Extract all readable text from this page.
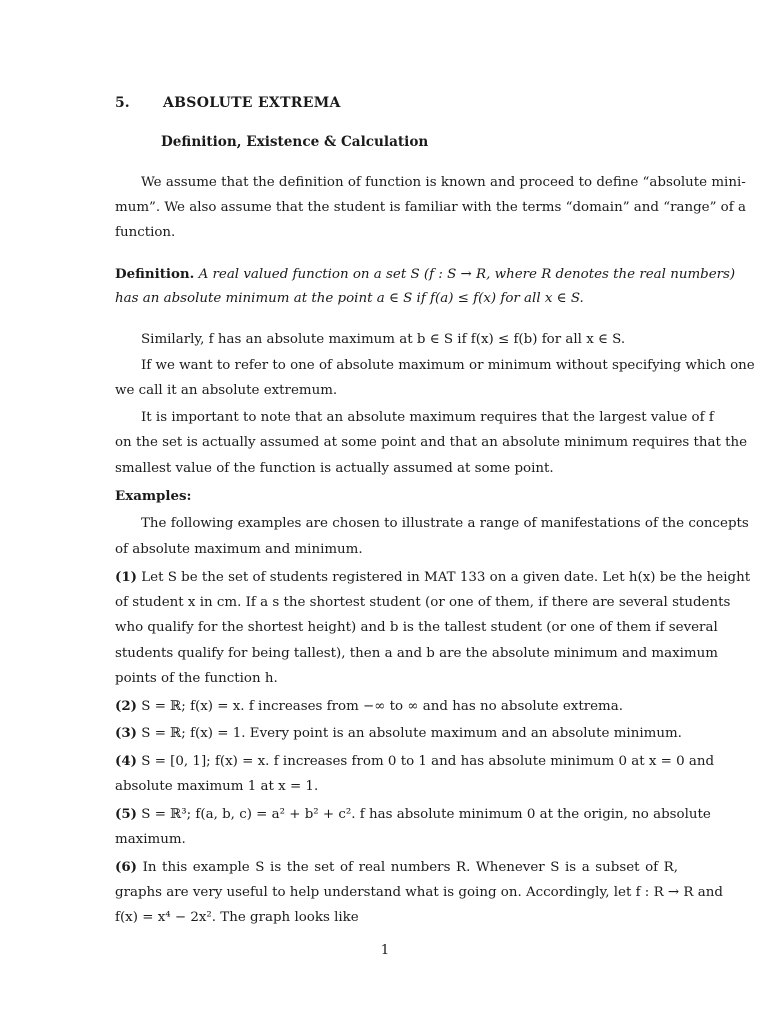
5. ABSOLUTE EXTREMA
Definition, Existence & Calculation
We assume that the definition of function is known and proceed to define “absolute mini-
mum”. We also assume that the student is familiar with the terms “domain” and “range” of a
function.
Definition. A real valued function on a set S (f : S → R, where R denotes the real numbers)
has an absolute minimum at the point a ∈ S if f(a) ≤ f(x) for all x ∈ S.
Similarly, f has an absolute maximum at b ∈ S if f(x) ≤ f(b) for all x ∈ S.
If we want to refer to one of absolute maximum or minimum without specifying which one
we call it an absolute extremum.
It is important to note that an absolute maximum requires that the largest value of f
on the set is actually assumed at some point and that an absolute minimum requires that the
smallest value of the function is actually assumed at some point.
Examples:
The following examples are chosen to illustrate a range of manifestations of the concepts
of absolute maximum and minimum.
(1) Let S be the set of students registered in MAT 133 on a given date. Let h(x) be the height
of student x in cm. If a s the shortest student (or one of them, if there are several students
who qualify for the shortest height) and b is the tallest student (or one of them if several
students qualify for being tallest), then a and b are the absolute minimum and maximum
points of the function h.
(2) S = ℝ; f(x) = x. f increases from −∞ to ∞ and has no absolute extrema.
(3) S = ℝ; f(x) = 1. Every point is an absolute maximum and an absolute minimum.
(4) S = [0, 1]; f(x) = x. f increases from 0 to 1 and has absolute minimum 0 at x = 0 and
absolute maximum 1 at x = 1.
(5) S = ℝ³; f(a, b, c) = a² + b² + c². f has absolute minimum 0 at the origin, no absolute
maximum.
(6) In this example S is the set of real numbers R. Whenever S is a subset of R,
graphs are very useful to help understand what is going on. Accordingly, let f : R → R and
f(x) = x⁴ − 2x². The graph looks like
1
